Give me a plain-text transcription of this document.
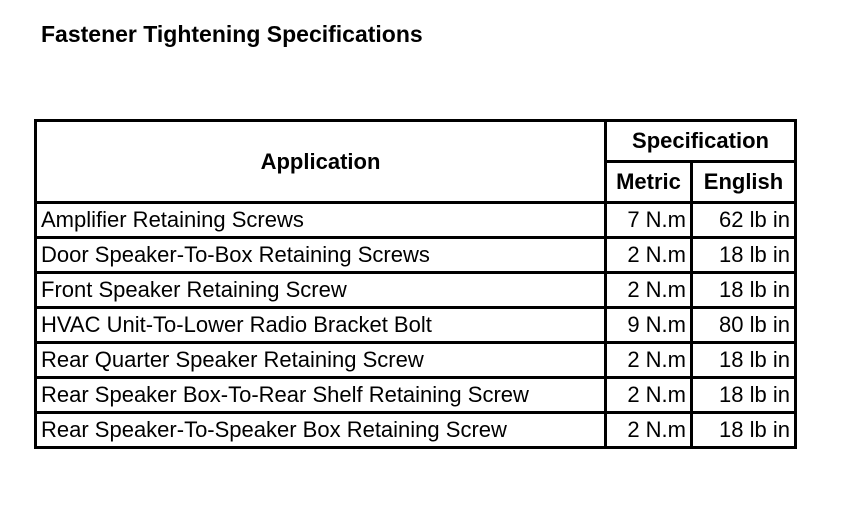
Fastener Tightening Specifications
Application	Specification	
	Metric	English
Amplifier Retaining Screws	7 N.m	62 lb in
Door Speaker-To-Box Retaining Screws	2 N.m	18 lb in
Front Speaker Retaining Screw	2 N.m	18 lb in
HVAC Unit-To-Lower Radio Bracket Bolt	9 N.m	80 lb in
Rear Quarter Speaker Retaining Screw	2 N.m	18 lb in
Rear Speaker Box-To-Rear Shelf Retaining Screw	2 N.m	18 lb in
Rear Speaker-To-Speaker Box Retaining Screw	2 N.m	18 lb in
